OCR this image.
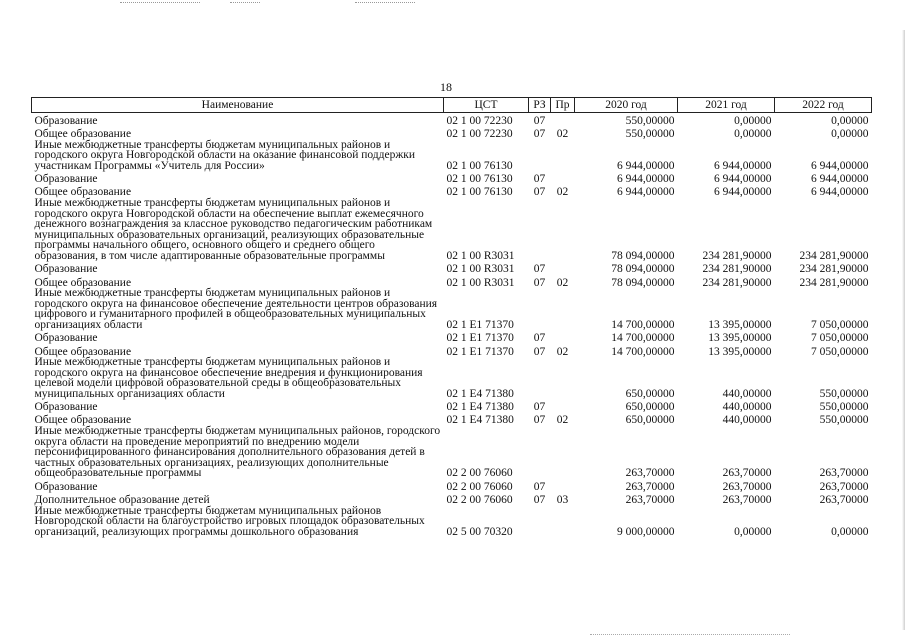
18
Наименование	ЦСТ	РЗ	Пр	2020 год	2021 год	2022 год
Образование	02 1 00 72230	07		550,00000	0,00000	0,00000
Общее образование	02 1 00 72230	07	02	550,00000	0,00000	0,00000
Иные межбюджетные трансферты бюджетам муниципальных районов и городского округа Новгородской области на оказание финансовой поддержки участникам Программы «Учитель для России»	02 1 00 76130			6 944,00000	6 944,00000	6 944,00000
Образование	02 1 00 76130	07		6 944,00000	6 944,00000	6 944,00000
Общее образование	02 1 00 76130	07	02	6 944,00000	6 944,00000	6 944,00000
Иные межбюджетные трансферты бюджетам муниципальных районов и городского округа Новгородской области на обеспечение выплат ежемесячного денежного вознаграждения за классное руководство педагогическим работникам муниципальных образовательных организаций, реализующих образовательные программы начального общего, основного общего и среднего общего образования, в том числе адаптированные образовательные программы	02 1 00 R3031			78 094,00000	234 281,90000	234 281,90000
Образование	02 1 00 R3031	07		78 094,00000	234 281,90000	234 281,90000
Общее образование	02 1 00 R3031	07	02	78 094,00000	234 281,90000	234 281,90000
Иные межбюджетные трансферты бюджетам муниципальных районов и городского округа на финансовое обеспечение деятельности центров образования цифрового и гуманитарного профилей в общеобразовательных муниципальных организациях области	02 1 E1 71370			14 700,00000	13 395,00000	7 050,00000
Образование	02 1 E1 71370	07		14 700,00000	13 395,00000	7 050,00000
Общее образование	02 1 E1 71370	07	02	14 700,00000	13 395,00000	7 050,00000
Иные межбюджетные трансферты бюджетам муниципальных районов и городского округа на финансовое обеспечение внедрения и функционирования целевой модели цифровой образовательной среды в общеобразовательных муниципальных организациях области	02 1 E4 71380			650,00000	440,00000	550,00000
Образование	02 1 E4 71380	07		650,00000	440,00000	550,00000
Общее образование	02 1 E4 71380	07	02	650,00000	440,00000	550,00000
Иные межбюджетные трансферты бюджетам муниципальных районов, городского округа области на проведение мероприятий по внедрению модели персонифицированного финансирования дополнительного образования детей в частных образовательных организациях, реализующих дополнительные общеобразовательные программы	02 2 00 76060			263,70000	263,70000	263,70000
Образование	02 2 00 76060	07		263,70000	263,70000	263,70000
Дополнительное образование детей	02 2 00 76060	07	03	263,70000	263,70000	263,70000
Иные межбюджетные трансферты бюджетам муниципальных районов Новгородской области на благоустройство игровых площадок образовательных организаций, реализующих программы дошкольного образования	02 5 00 70320			9 000,00000	0,00000	0,00000
